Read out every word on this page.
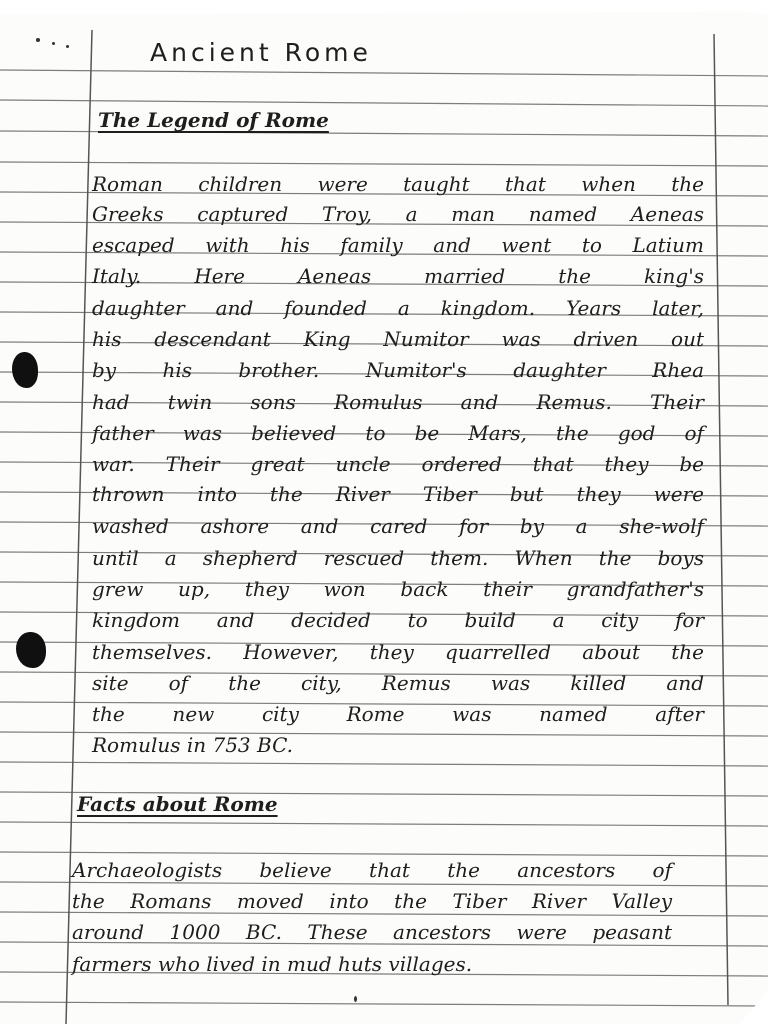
Ancient Rome
The Legend of Rome
Roman children were taught that when the
Greeks captured Troy, a man named Aeneas
escaped with his family and went to Latium
Italy. Here Aeneas married the king's
daughter and founded a kingdom. Years later,
his descendant King Numitor was driven out
by his brother. Numitor's daughter Rhea
had twin sons Romulus and Remus. Their
father was believed to be Mars, the god of
war. Their great uncle ordered that they be
thrown into the River Tiber but they were
washed ashore and cared for by a she-wolf
until a shepherd rescued them. When the boys
grew up, they won back their grandfather's
kingdom and decided to build a city for
themselves. However, they quarrelled about the
site of the city, Remus was killed and
the new city Rome was named after
Romulus in 753 BC.
Facts about Rome
Archaeologists believe that the ancestors of
the Romans moved into the Tiber River Valley
around 1000 BC. These ancestors were peasant
farmers who lived in mud huts villages.
